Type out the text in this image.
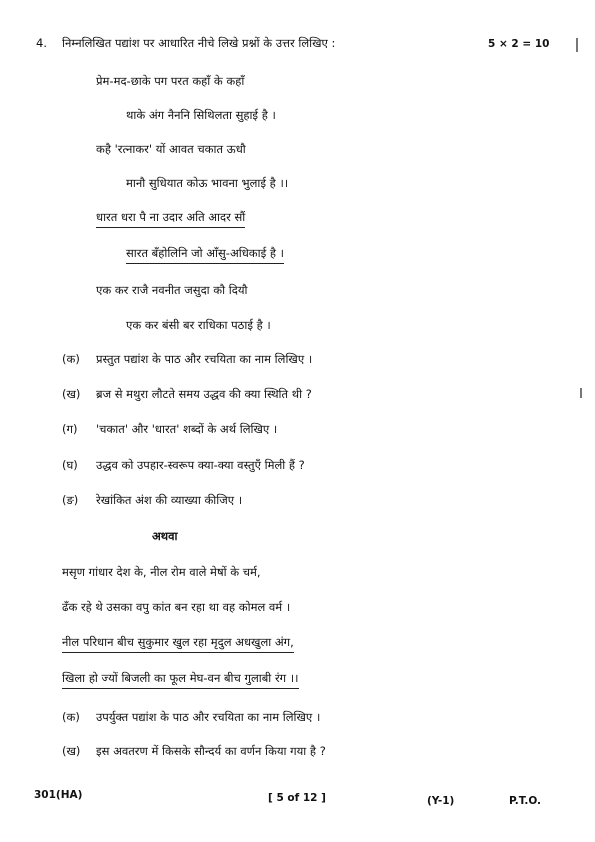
4. निम्नलिखित पद्यांश पर आधारित नीचे लिखे प्रश्नों के उत्तर लिखिए :	5 × 2 = 10
प्रेम-मद-छाके पग परत कहाँ के कहाँ
थाके अंग नैननि सिथिलता सुहाई है ।
कहै 'रत्नाकर' यों आवत चकात ऊधौ
मानौ सुधियात कोऊ भावना भुलाई है ।।
धारत धरा पै ना उदार अति आदर सौं
सारत बँहोलिनि जो आँसु-अधिकाई है ।
एक कर राजै नवनीत जसुदा कौ दियौ
एक कर बंसी बर राधिका पठाई है ।
(क) प्रस्तुत पद्यांश के पाठ और रचयिता का नाम लिखिए ।
(ख) ब्रज से मथुरा लौटते समय उद्धव की क्या स्थिति थी ?
(ग) 'चकात' और 'धारत' शब्दों के अर्थ लिखिए ।
(घ) उद्धव को उपहार-स्वरूप क्या-क्या वस्तुएँ मिली हैं ?
(ङ) रेखांकित अंश की व्याख्या कीजिए ।
अथवा
मसृण गांधार देश के, नील रोम वाले मेषों के चर्म,
ढँक रहे थे उसका वपु कांत बन रहा था वह कोमल वर्म ।
नील परिधान बीच सुकुमार खुल रहा मृदुल अधखुला अंग,
खिला हो ज्यों बिजली का फूल मेघ-वन बीच गुलाबी रंग ।।
(क) उपर्युक्त पद्यांश के पाठ और रचयिता का नाम लिखिए ।
(ख) इस अवतरण में किसके सौन्दर्य का वर्णन किया गया है ?
301(HA)	[ 5 of 12 ]	(Y-1)	P.T.O.
